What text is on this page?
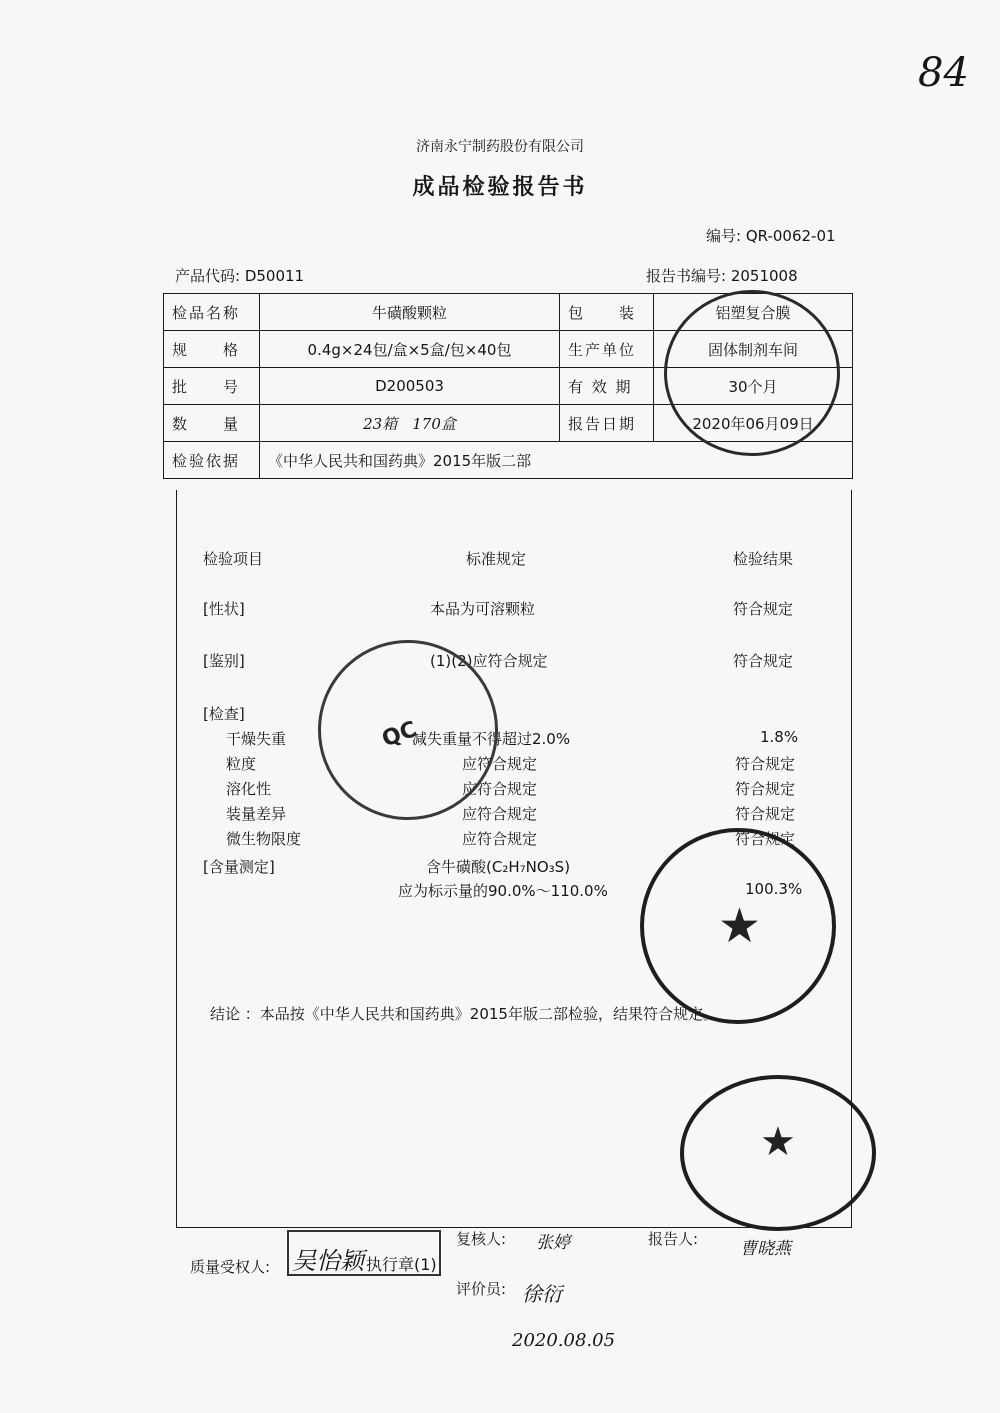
84
济南永宁制药股份有限公司
成品检验报告书
编号: QR-0062-01
产品代码: D50011	报告书编号: 2051008
检品名称	牛磺酸颗粒	包　　装	铝塑复合膜
规　　格	0.4g×24包/盒×5盒/包×40包	生产单位	固体制剂车间
批　　号	D200503	有 效 期	30个月
数　　量	23箱　170盒	报告日期	2020年06月09日
检验依据	《中华人民共和国药典》2015年版二部		
检验项目	标准规定	检验结果
[性状]	本品为可溶颗粒	符合规定
[鉴别]	(1)(2)应符合规定	符合规定
[检查]
干燥失重	减失重量不得超过2.0%	1.8%
粒度	应符合规定	符合规定
溶化性	应符合规定	符合规定
装量差异	应符合规定	符合规定
微生物限度	应符合规定	符合规定
[含量测定]	含牛磺酸(C₂H₇NO₃S)
应为标示量的90.0%～110.0%	100.3%
结论 ：本品按《中华人民共和国药典》2015年版二部检验，结果符合规定。
QC
★
★
复核人: 张婷	报告人: 曹晓燕
质量受权人: 吴怡颖 执行章(1)
评价员: 徐衍
2020.08.05
